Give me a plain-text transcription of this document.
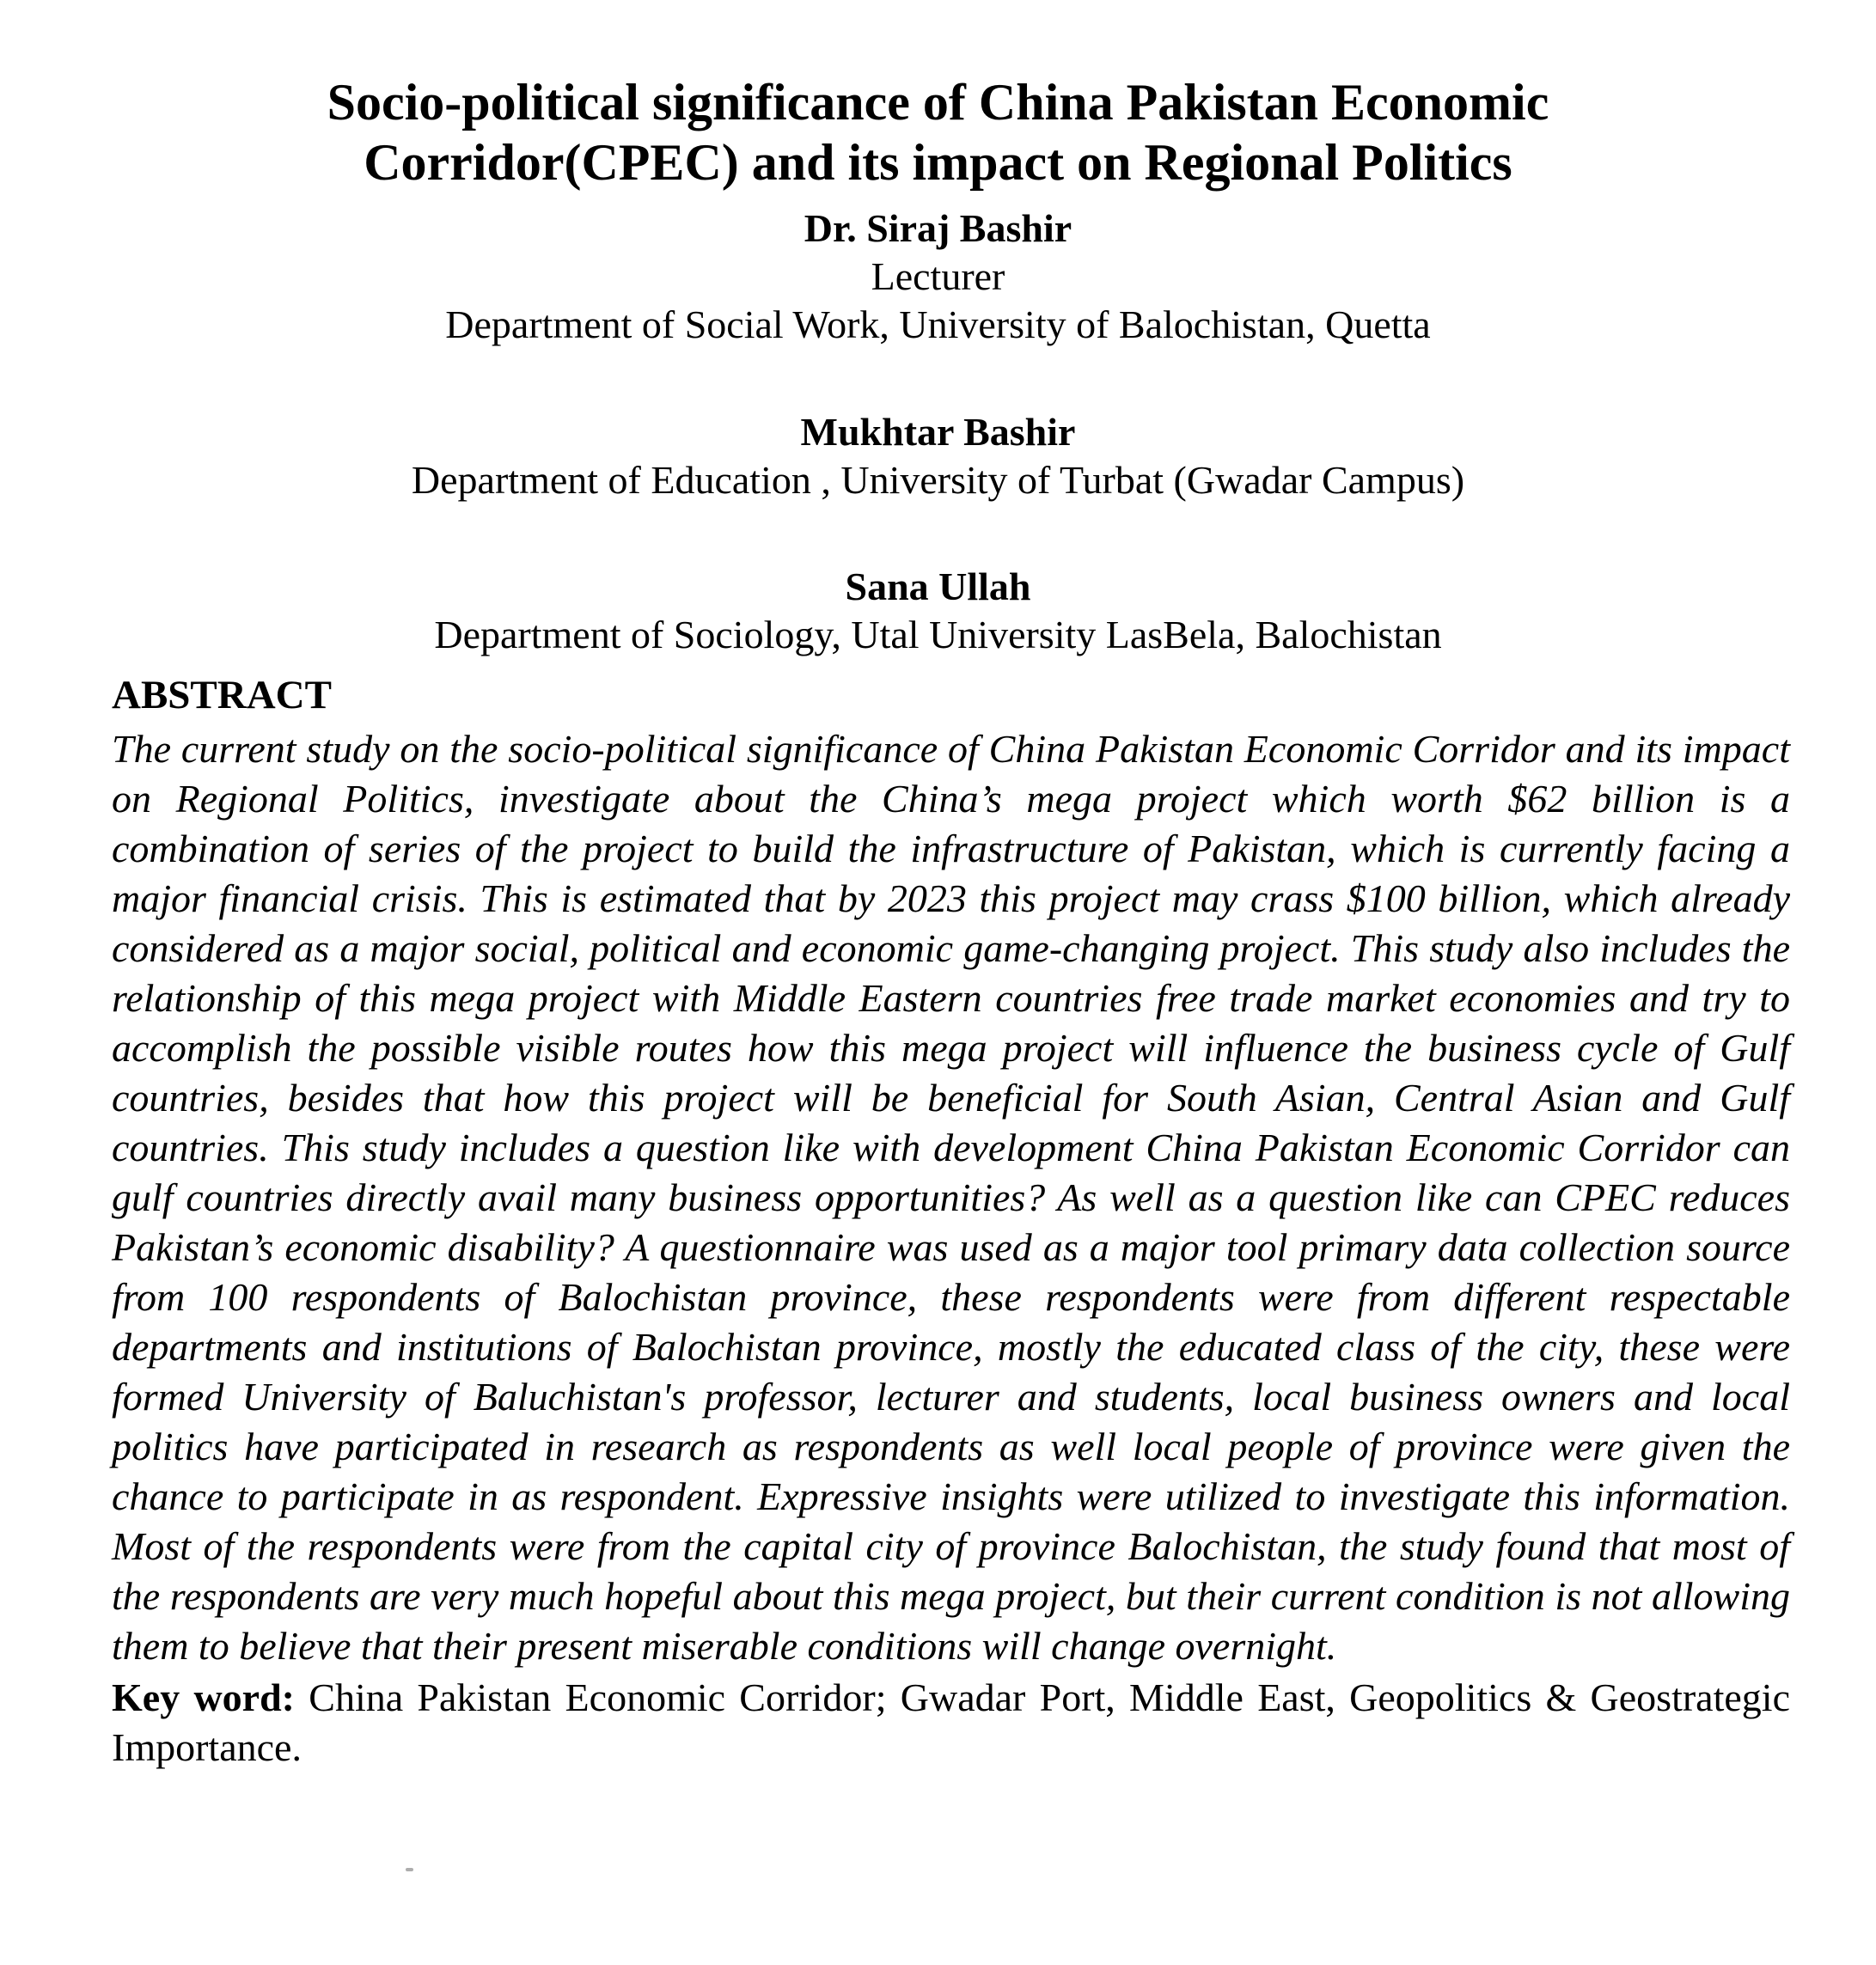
Socio-political significance of China Pakistan Economic Corridor(CPEC) and its impact on Regional Politics
Dr. Siraj Bashir
Lecturer
Department of Social Work, University of Balochistan, Quetta
Mukhtar Bashir
Department of Education , University of Turbat (Gwadar Campus)
Sana Ullah
Department of Sociology, Utal University LasBela, Balochistan
ABSTRACT

The current study on the socio-political significance of China Pakistan Economic Corridor and its impact on Regional Politics, investigate about the China’s mega project which worth $62 billion is a combination of series of the project to build the infrastructure of Pakistan, which is currently facing a major financial crisis. This is estimated that by 2023 this project may crass $100 billion, which already considered as a major social, political and economic game-changing project. This study also includes the relationship of this mega project with Middle Eastern countries free trade market economies and try to accomplish the possible visible routes how this mega project will influence the business cycle of Gulf countries, besides that how this project will be beneficial for South Asian, Central Asian and Gulf countries. This study includes a question like with development China Pakistan Economic Corridor can gulf countries directly avail many business opportunities? As well as a question like can CPEC reduces Pakistan’s economic disability? A questionnaire was used as a major tool primary data collection source from 100 respondents of Balochistan province, these respondents were from different respectable departments and institutions of Balochistan province, mostly the educated class of the city, these were formed University of Baluchistan's professor, lecturer and students, local business owners and local politics have participated in research as respondents as well local people of province were given the chance to participate in as respondent. Expressive insights were utilized to investigate this information. Most of the respondents were from the capital city of province Balochistan, the study found that most of the respondents are very much hopeful about this mega project, but their current condition is not allowing them to believe that their present miserable conditions will change overnight.

Key word: China Pakistan Economic Corridor; Gwadar Port, Middle East, Geopolitics & Geostrategic Importance.
